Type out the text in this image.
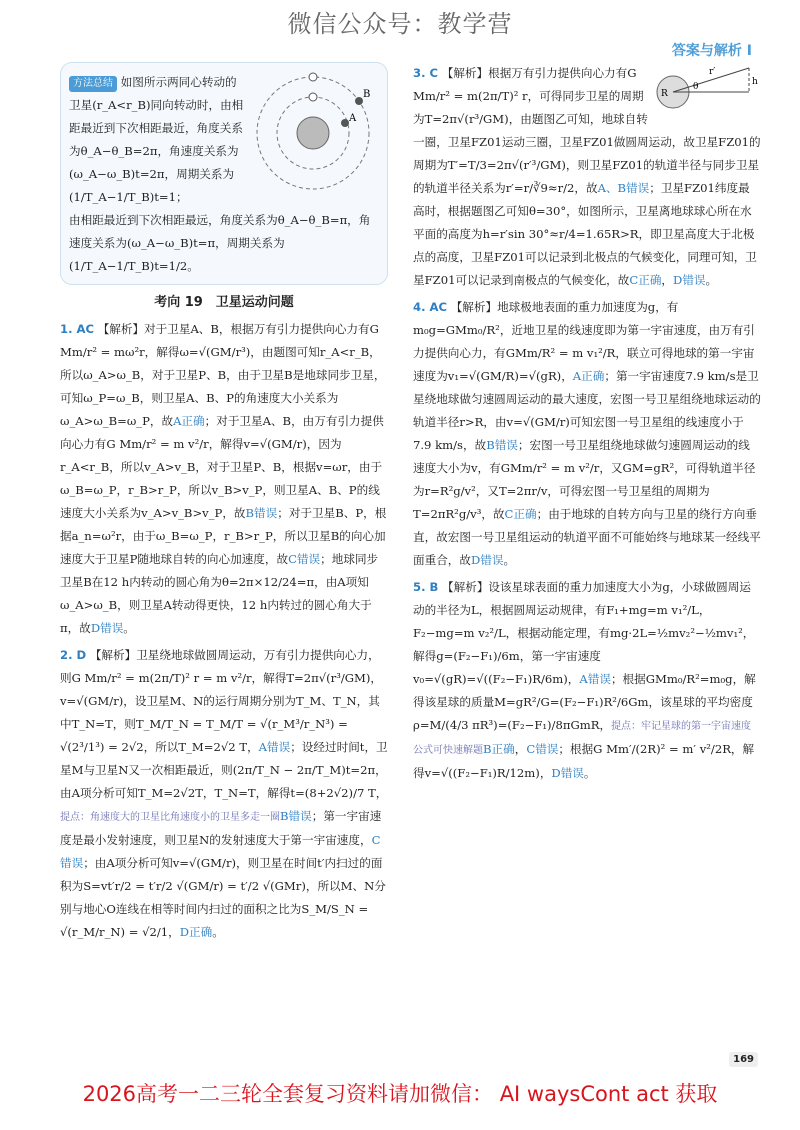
微信公众号：教学营
答案与解析 I
B
A
方法总结 如图所示两同心转动的卫星(r_A<r_B)同向转动时，由相距最近到下次相距最近，角度关系为θ_A−θ_B=2π，角速度关系为(ω_A−ω_B)t=2π，周期关系为(1/T_A−1/T_B)t=1；

由相距最近到下次相距最远，角度关系为θ_A−θ_B=π，角速度关系为(ω_A−ω_B)t=π，周期关系为(1/T_A−1/T_B)t=1/2。

考向 19　卫星运动问题

1. AC 【解析】对于卫星A、B，根据万有引力提供向心力有G Mm/r² = mω²r，解得ω=√(GM/r³)，由题图可知r_A<r_B，所以ω_A>ω_B，对于卫星P、B，由于卫星B是地球同步卫星，可知ω_P=ω_B，则卫星A、B、P的角速度大小关系为ω_A>ω_B=ω_P，故A正确；对于卫星A、B，由万有引力提供向心力有G Mm/r² = m v²/r，解得v=√(GM/r)，因为r_A<r_B，所以v_A>v_B，对于卫星P、B，根据v=ωr，由于ω_B=ω_P，r_B>r_P，所以v_B>v_P，则卫星A、B、P的线速度大小关系为v_A>v_B>v_P，故B错误；对于卫星B、P，根据a_n=ω²r，由于ω_B=ω_P，r_B>r_P，所以卫星B的向心加速度大于卫星P随地球自转的向心加速度，故C错误；地球同步卫星B在12 h内转动的圆心角为θ=2π×12/24=π，由A项知ω_A>ω_B，则卫星A转动得更快，12 h内转过的圆心角大于π，故D错误。

2. D 【解析】卫星绕地球做圆周运动，万有引力提供向心力，则G Mm/r² = m(2π/T)² r = m v²/r，解得T=2π√(r³/GM)，v=√(GM/r)，设卫星M、N的运行周期分别为T_M、T_N，其中T_N=T，则T_M/T_N = T_M/T = √(r_M³/r_N³) = √(2³/1³) = 2√2，所以T_M=2√2 T，A错误；设经过时间t，卫星M与卫星N又一次相距最近，则(2π/T_N − 2π/T_M)t=2π，由A项分析可知T_M=2√2T，T_N=T，解得t=(8+2√2)/7 T，提点：角速度大的卫星比角速度小的卫星多走一圈B错误；第一宇宙速度是最小发射速度，则卫星N的发射速度大于第一宇宙速度，C错误；由A项分析可知v=√(GM/r)，则卫星在时间t′内扫过的面积为S=vt′r/2 = t′r/2 √(GM/r) = t′/2 √(GMr)，所以M、N分别与地心O连线在相等时间内扫过的面积之比为S_M/S_N = √(r_M/r_N) = √2/1，D正确。

r′
θ
R
h

3. C 【解析】根据万有引力提供向心力有G Mm/r² = m(2π/T)² r，可得同步卫星的周期为T=2π√(r³/GM)，由题图乙可知，地球自转一圈，卫星FZ01运动三圈，卫星FZ01做圆周运动，故卫星FZ01的周期为T′=T/3=2π√(r′³/GM)，则卫星FZ01的轨道半径与同步卫星的轨道半径关系为r′=r/∛9≈r/2，故A、B错误；卫星FZ01纬度最高时，根据题图乙可知θ=30°，如图所示，卫星离地球球心所在水平面的高度为h=r′sin 30°≈r/4=1.65R>R，即卫星高度大于北极点的高度，卫星FZ01可以记录到北极点的气候变化，同理可知，卫星FZ01可以记录到南极点的气候变化，故C正确，D错误。

4. AC 【解析】地球极地表面的重力加速度为g，有m₀g=GMm₀/R²，近地卫星的线速度即为第一宇宙速度，由万有引力提供向心力，有GMm/R² = m v₁²/R，联立可得地球的第一宇宙速度为v₁=√(GM/R)=√(gR)，A正确；第一宇宙速度7.9 km/s是卫星绕地球做匀速圆周运动的最大速度，宏图一号卫星组绕地球运动的轨道半径r>R，由v=√(GM/r)可知宏图一号卫星组的线速度小于7.9 km/s，故B错误；宏图一号卫星组绕地球做匀速圆周运动的线速度大小为v，有GMm/r² = m v²/r，又GM=gR²，可得轨道半径为r=R²g/v²，又T=2πr/v，可得宏图一号卫星组的周期为T=2πR²g/v³，故C正确；由于地球的自转方向与卫星的绕行方向垂直，故宏图一号卫星组运动的轨道平面不可能始终与地球某一经线平面重合，故D错误。

5. B 【解析】设该星球表面的重力加速度大小为g，小球做圆周运动的半径为L，根据圆周运动规律，有F₁+mg=m v₁²/L，F₂−mg=m v₂²/L，根据动能定理，有mg·2L=½mv₂²−½mv₁²，解得g=(F₂−F₁)/6m，第一宇宙速度v₀=√(gR)=√((F₂−F₁)R/6m)，A错误；根据GMm₀/R²=m₀g，解得该星球的质量M=gR²/G=(F₂−F₁)R²/6Gm，该星球的平均密度ρ=M/(4/3 πR³)=(F₂−F₁)/8πGmR，提点：牢记星球的第一宇宙速度公式可快速解题B正确，C错误；根据G Mm′/(2R)² = m′ v²/2R，解得v=√((F₂−F₁)R/12m)，D错误。

169
2026高考一二三轮全套复习资料请加微信： AI waysCont act 获取
